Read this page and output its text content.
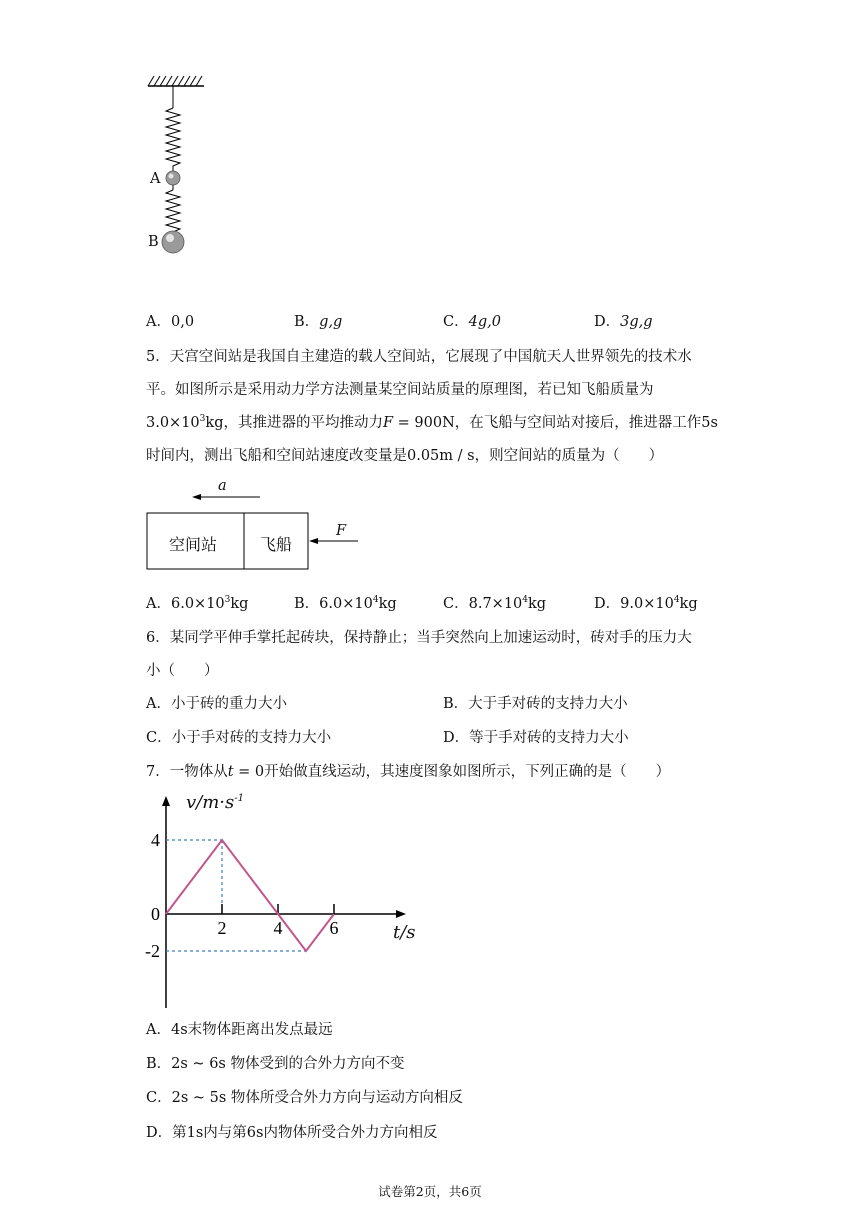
A
B
A．0,0	B．g,g	C．4g,0	D．3g,g
5．天宫空间站是我国自主建造的载人空间站，它展现了中国航天人世界领先的技术水
平。如图所示是采用动力学方法测量某空间站质量的原理图，若已知飞船质量为
$3.0\times 10^3kg$，其推进器的平均推动力F = 900N，在飞船与空间站对接后，推进器工作5s
时间内，测出飞船和空间站速度改变量是0.05m / s，则空间站的质量为（　　）
a
空间站	飞船
F
A．$6.0\times 10^3kg$	B．$6.0\times 10^4kg$	C．$8.7\times 10^4kg$	D．$9.0\times 10^4kg$
6．某同学平伸手掌托起砖块，保持静止；当手突然向上加速运动时，砖对手的压力大
小（　　）
A．小于砖的重力大小	B．大于手对砖的支持力大小
C．小于手对砖的支持力大小	D．等于手对砖的支持力大小
7．一物体从t = 0开始做直线运动，其速度图象如图所示，下列正确的是（　　）
2	4	6
4
0
-2
$v/m\cdot s^{-1}$
t/s
A．4s末物体距离出发点最远
B．2s ~ 6s 物体受到的合外力方向不变
C．2s ~ 5s 物体所受合外力方向与运动方向相反
D．第1s内与第6s内物体所受合外力方向相反
试卷第2页，共6页
